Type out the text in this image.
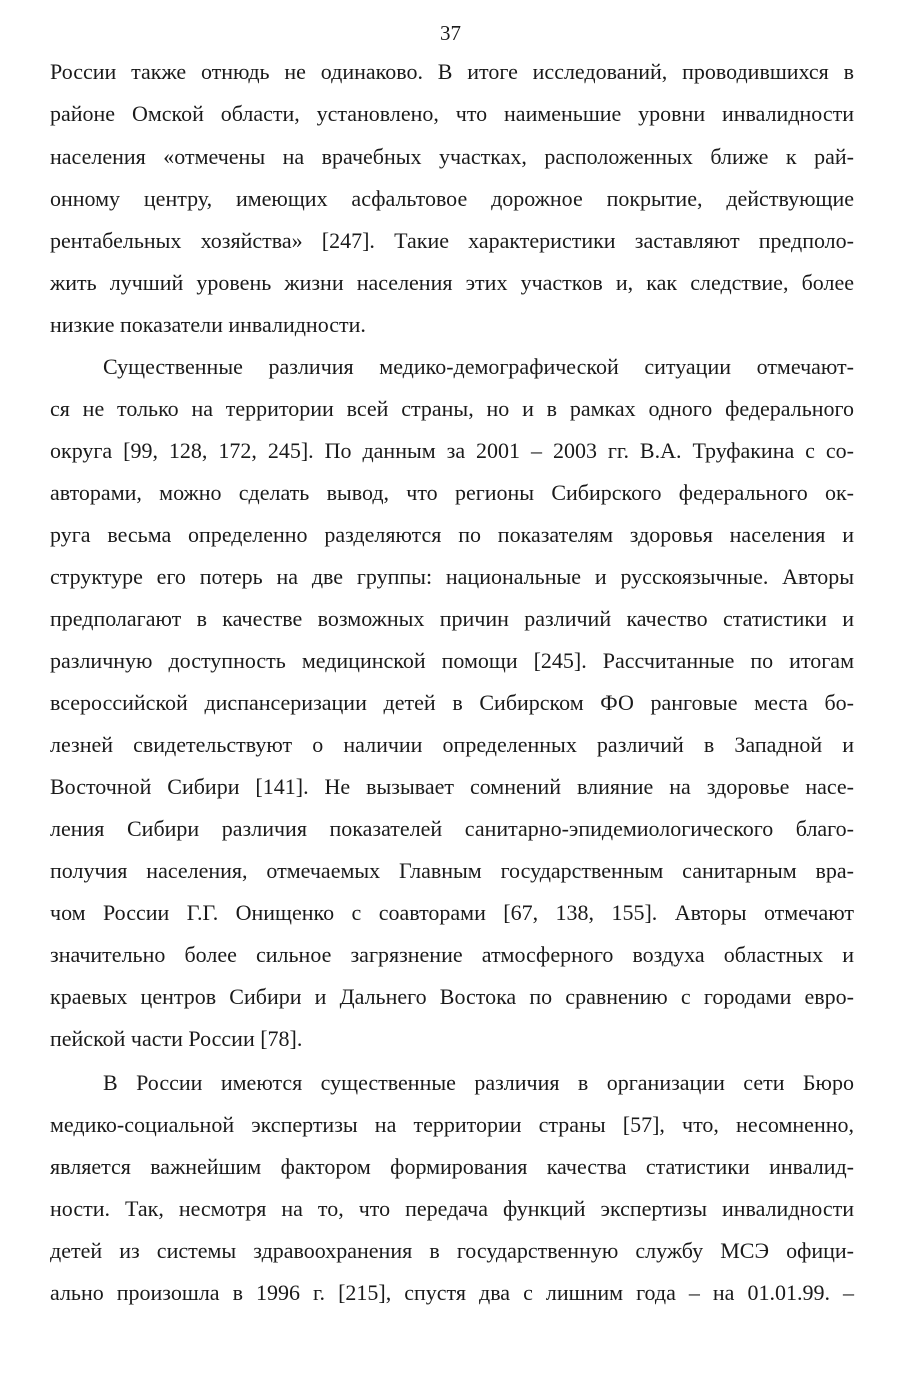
37
России также отнюдь не одинаково. В итоге исследований, проводившихся в
районе Омской области, установлено, что наименьшие уровни инвалидности
населения «отмечены на врачебных участках, расположенных ближе к рай-
онному центру, имеющих асфальтовое дорожное покрытие, действующие
рентабельных хозяйства» [247]. Такие характеристики заставляют предполо-
жить лучший уровень жизни населения этих участков и, как следствие, более
низкие показатели инвалидности.
Существенные различия медико-демографической ситуации отмечают-
ся не только на территории всей страны, но и в рамках одного федерального
округа [99, 128, 172, 245]. По данным за 2001 – 2003 гг. В.А. Труфакина с со-
авторами, можно сделать вывод, что регионы Сибирского федерального ок-
руга весьма определенно разделяются по показателям здоровья населения и
структуре его потерь на две группы: национальные и русскоязычные. Авторы
предполагают в качестве возможных причин различий качество статистики и
различную доступность медицинской помощи [245]. Рассчитанные по итогам
всероссийской диспансеризации детей в Сибирском ФО ранговые места бо-
лезней свидетельствуют о наличии определенных различий в Западной и
Восточной Сибири [141]. Не вызывает сомнений влияние на здоровье насе-
ления Сибири различия показателей санитарно-эпидемиологического благо-
получия населения, отмечаемых Главным государственным санитарным вра-
чом России Г.Г. Онищенко с соавторами [67, 138, 155]. Авторы отмечают
значительно более сильное загрязнение атмосферного воздуха областных и
краевых центров Сибири и Дальнего Востока по сравнению с городами евро-
пейской части России [78].
В России имеются существенные различия в организации сети Бюро
медико-социальной экспертизы на территории страны [57], что, несомненно,
является важнейшим фактором формирования качества статистики инвалид-
ности. Так, несмотря на то, что передача функций экспертизы инвалидности
детей из системы здравоохранения в государственную службу МСЭ офици-
ально произошла в 1996 г. [215], спустя два с лишним года – на 01.01.99. –
